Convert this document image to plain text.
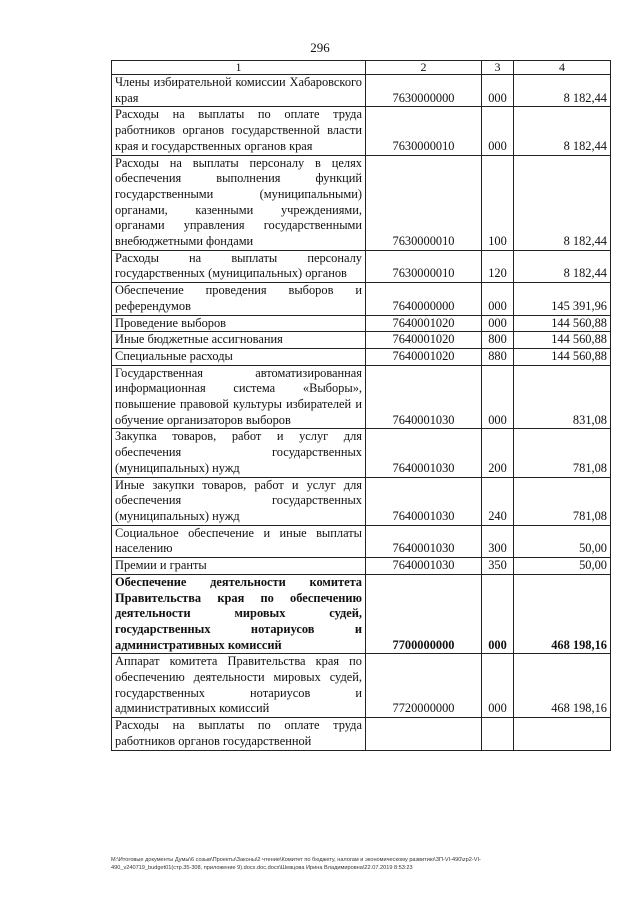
296
1	2	3	4
Члены избирательной комиссии Хабаровского края	7630000000	000	8 182,44
Расходы на выплаты по оплате труда работников органов государственной власти края и государственных органов края	7630000010	000	8 182,44
Расходы на выплаты персоналу в целях обеспечения выполнения функций государственными (муниципальными) органами, казенными учреждениями, органами управления государственными внебюджетными фондами	7630000010	100	8 182,44
Расходы на выплаты персоналу государственных (муниципальных) органов	7630000010	120	8 182,44
Обеспечение проведения выборов и референдумов	7640000000	000	145 391,96
Проведение выборов	7640001020	000	144 560,88
Иные бюджетные ассигнования	7640001020	800	144 560,88
Специальные расходы	7640001020	880	144 560,88
Государственная автоматизированная информационная система «Выборы», повышение правовой культуры избирателей и обучение организаторов выборов	7640001030	000	831,08
Закупка товаров, работ и услуг для обеспечения государственных (муниципальных) нужд	7640001030	200	781,08
Иные закупки товаров, работ и услуг для обеспечения государственных (муниципальных) нужд	7640001030	240	781,08
Социальное обеспечение и иные выплаты населению	7640001030	300	50,00
Премии и гранты	7640001030	350	50,00
Обеспечение деятельности комитета Правительства края по обеспечению деятельности мировых судей, государственных нотариусов и административных комиссий	7700000000	000	468 198,16
Аппарат комитета Правительства края по обеспечению деятельности мировых судей, государственных нотариусов и административных комиссий	7720000000	000	468 198,16
Расходы на выплаты по оплате труда работников органов государственной			
М:\Итоговые документы Думы\6 созыв\Проекты\Законы\2 чтение\Комитет по бюджету, налогам и экономическому развитию\ЗП-VI-490\zp2-VI-
490_v240719_budget01(стр.35-308, приложение 9).docx.doc.docx\Шевцова Ирина Владимировна\22.07.2019 8:53:23
